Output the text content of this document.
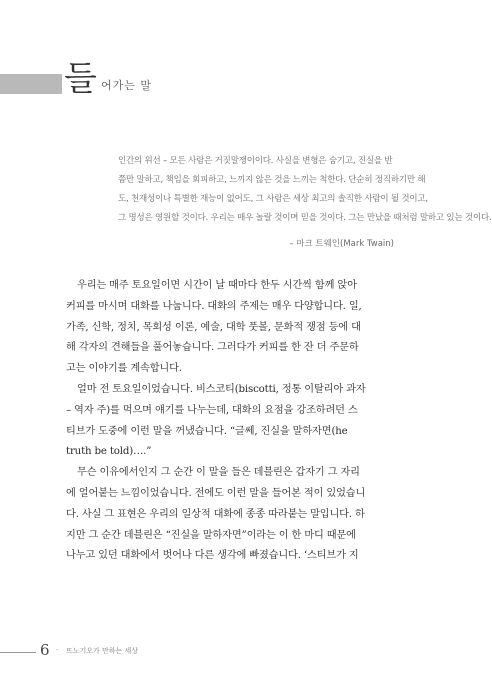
들 어가는 말
인간의 위선 – 모든 사람은 거짓말쟁이이다. 사실을 변형은 숨기고, 진실을 반
쯤만 말하고, 책임을 회피하고, 느끼지 않은 것을 느끼는 척한다. 단순히 정직하기만 해
도, 천재성이나 특별한 재능이 없어도, 그 사람은 세상 최고의 솔직한 사람이 될 것이고,
그 명성은 영원할 것이다. 우리는 매우 놀랄 것이며 믿을 것이다. 그는 만났을 때처럼 말하고 있는 것이다.
– 마크 트웨인(Mark Twain)
우리는 매주 토요일이면 시간이 날 때마다 한두 시간씩 함께 앉아
커피를 마시며 대화를 나눕니다. 대화의 주제는 매우 다양합니다. 일,
가족, 신학, 정치, 목회성 이론, 예술, 대학 풋볼, 문화적 쟁점 등에 대
해 각자의 견해들을 풀어놓습니다. 그러다가 커피를 한 잔 더 주문하
고는 이야기를 계속합니다.
얼마 전 토요일이었습니다. 비스코티(biscotti, 정통 이탈리아 과자
– 역자 주)를 먹으며 얘기를 나누는데, 대화의 요점을 강조하려던 스
티브가 도중에 이런 말을 꺼냈습니다. “글쎄, 진실을 말하자면(he
truth be told)….”
무슨 이유에서인지 그 순간 이 말을 들은 데블린은 갑자기 그 자리
에 얼어붙는 느낌이었습니다. 전에도 이런 말을 들어본 적이 있었습니
다. 사실 그 표현은 우리의 일상적 대화에 종종 따라붙는 말입니다. 하
지만 그 순간 데블린은 “진실을 말하자면”이라는 이 한 마디 때문에
나누고 있던 대화에서 벗어나 다른 생각에 빠졌습니다. ‘스티브가 지
6 · 뜨노기오가 만하는 세상
